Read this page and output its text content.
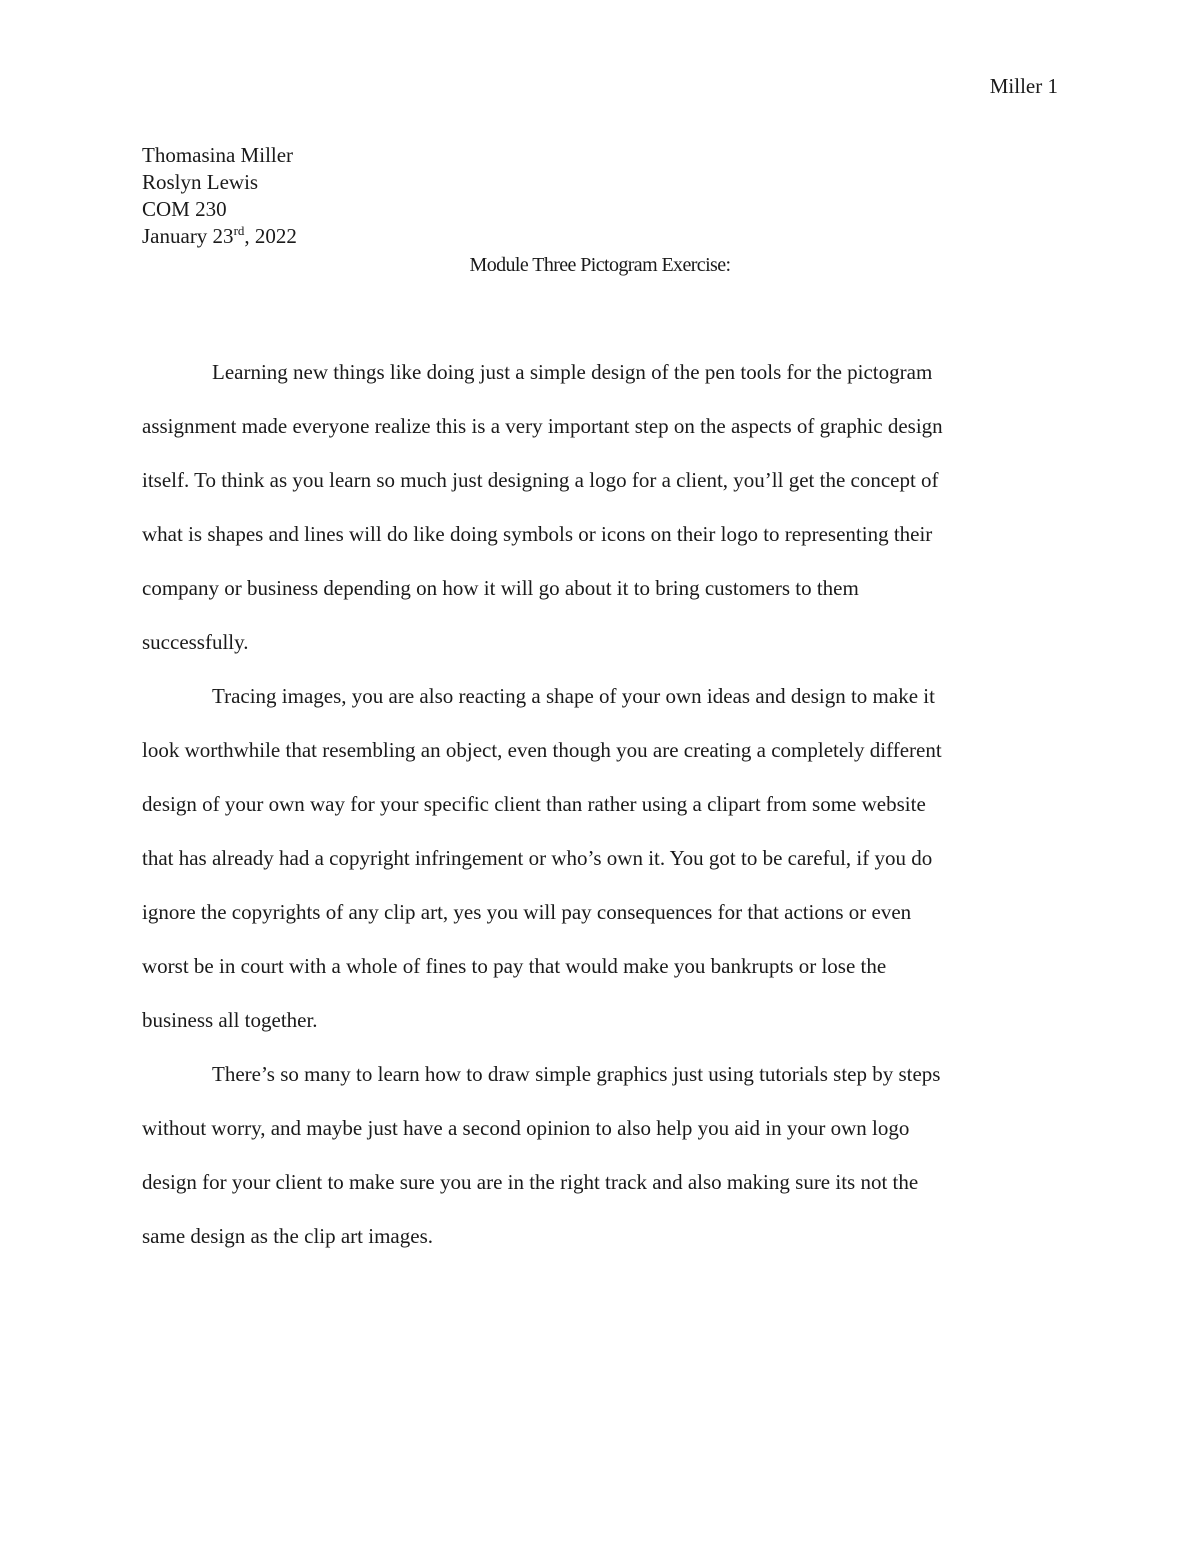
Miller 1
Thomasina Miller
Roslyn Lewis
COM 230
January 23rd, 2022
Module Three Pictogram Exercise:
Learning new things like doing just a simple design of the pen tools for the pictogram
assignment made everyone realize this is a very important step on the aspects of graphic design
itself. To think as you learn so much just designing a logo for a client, you’ll get the concept of
what is shapes and lines will do like doing symbols or icons on their logo to representing their
company or business depending on how it will go about it to bring customers to them
successfully.
Tracing images, you are also reacting a shape of your own ideas and design to make it
look worthwhile that resembling an object, even though you are creating a completely different
design of your own way for your specific client than rather using a clipart from some website
that has already had a copyright infringement or who’s own it. You got to be careful, if you do
ignore the copyrights of any clip art, yes you will pay consequences for that actions or even
worst be in court with a whole of fines to pay that would make you bankrupts or lose the
business all together.
There’s so many to learn how to draw simple graphics just using tutorials step by steps
without worry, and maybe just have a second opinion to also help you aid in your own logo
design for your client to make sure you are in the right track and also making sure its not the
same design as the clip art images.
